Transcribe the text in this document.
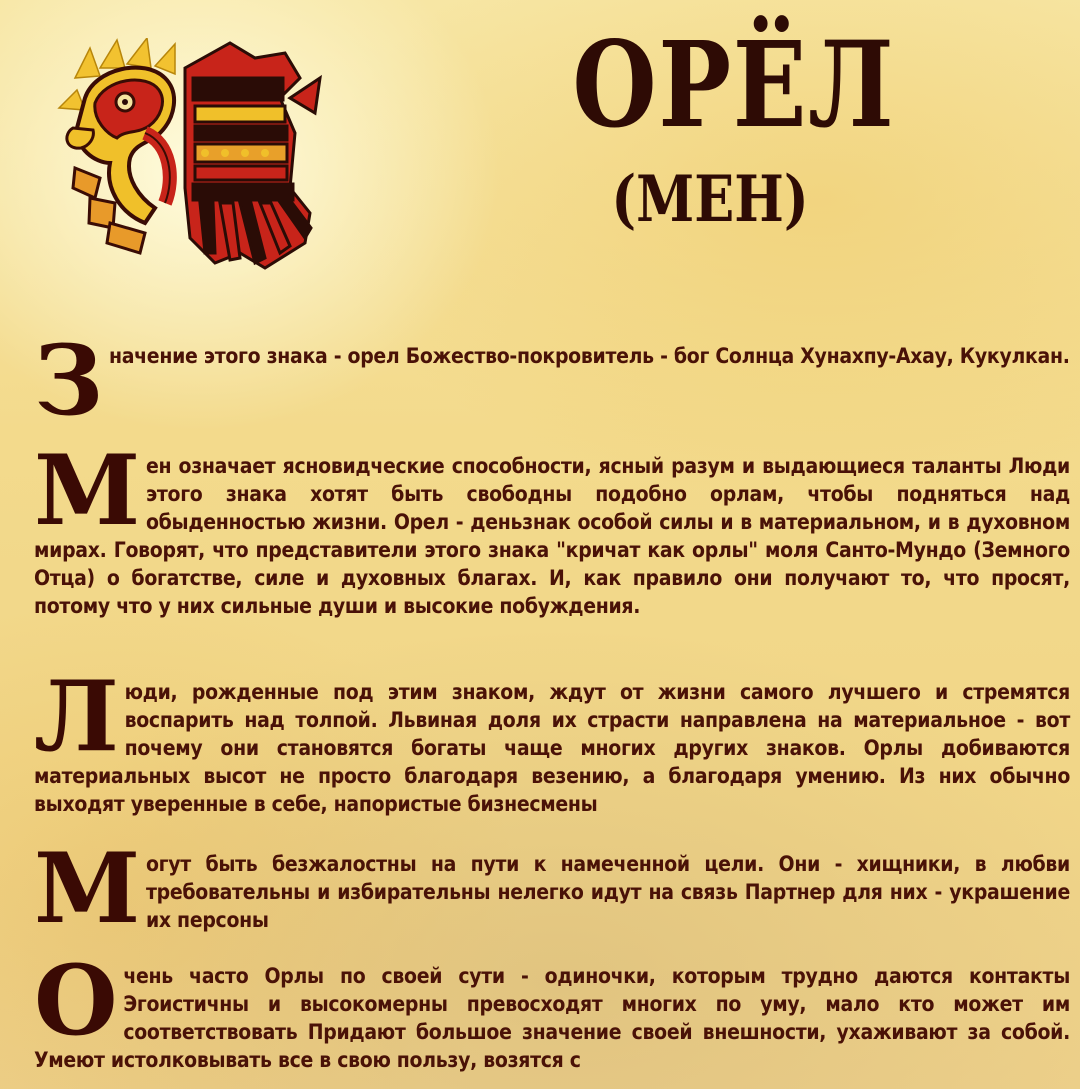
ОРЁЛ
(МЕН)
З начение этого знака - орел Божество-покровитель - бог Солнца Хунахпу-Ахау, Кукулкан.
М ен означает ясновидческие способности, ясный разум и выдающиеся таланты Люди этого знака хотят быть свободны подобно орлам, чтобы подняться над обыденностью жизни. Орел - деньзнак особой силы и в материальном, и в духовном мирах. Говорят, что представители этого знака "кричат как орлы" моля Санто-Мундо (Земного Отца) о богатстве, силе и духовных благах. И, как правило они получают то, что просят, потому что у них сильные души и высокие побуждения.
Л юди, рожденные под этим знаком, ждут от жизни самого лучшего и стремятся воспарить над толпой. Львиная доля их страсти направлена на материальное - вот почему они становятся богаты чаще многих других знаков. Орлы добиваются материальных высот не просто благодаря везению, а благодаря умению. Из них обычно выходят уверенные в себе, напористые бизнесмены
М огут быть безжалостны на пути к намеченной цели. Они - хищники, в любви требовательны и избирательны нелегко идут на связь Партнер для них - украшение их персоны
О чень часто Орлы по своей сути - одиночки, которым трудно даются контакты Эгоистичны и высокомерны превосходят многих по уму, мало кто может им соответствовать Придают большое значение своей внешности, ухаживают за собой. Умеют истолковывать все в свою пользу, возятся с
